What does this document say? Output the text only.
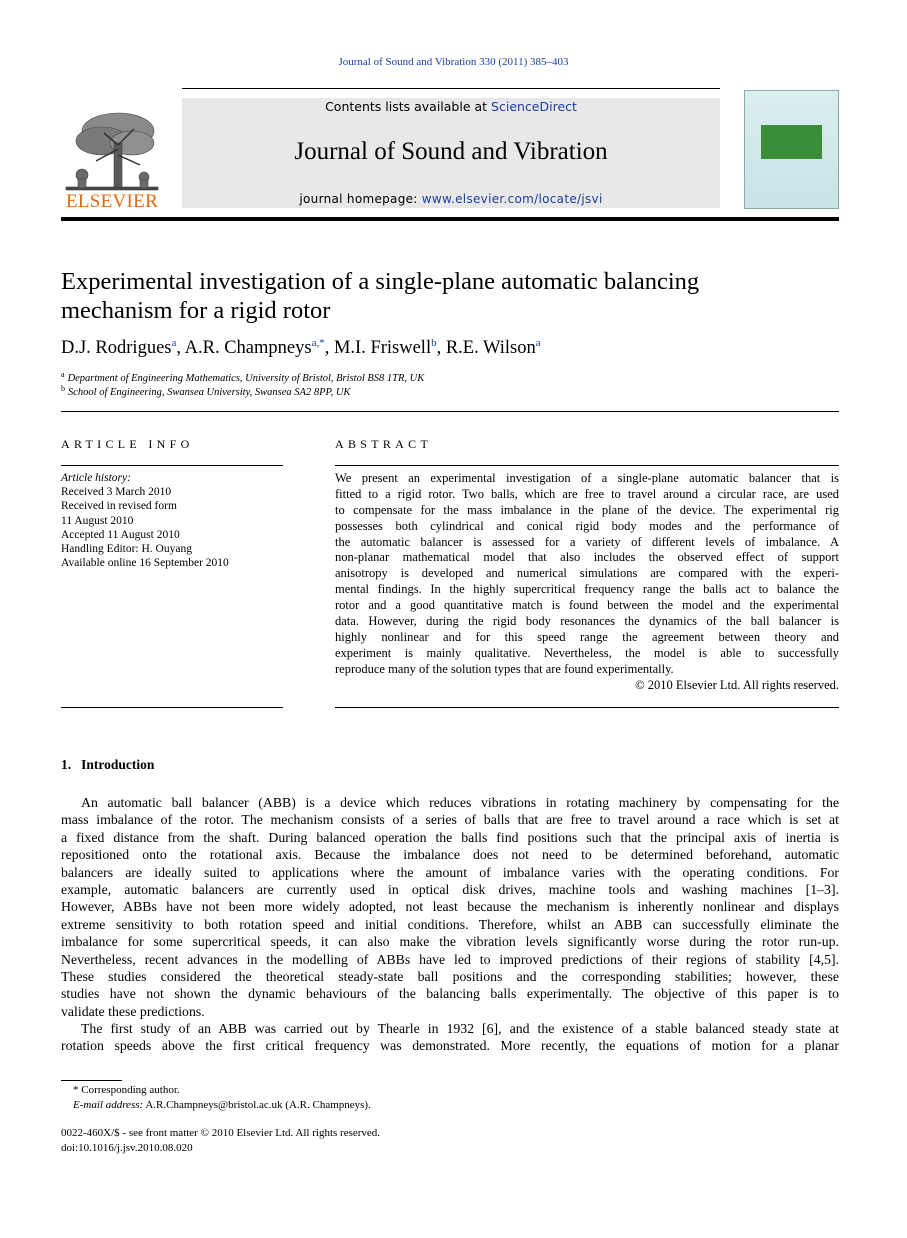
Journal of Sound and Vibration 330 (2011) 385–403
ELSEVIER
Contents lists available at ScienceDirect
Journal of Sound and Vibration
journal homepage: www.elsevier.com/locate/jsvi
Experimental investigation of a single-plane automatic balancing
mechanism for a rigid rotor
D.J. Rodrigues$^a$, A.R. Champneys$^{a,*}$, M.I. Friswell$^b$, R.E. Wilson$^a$
$^a$ Department of Engineering Mathematics, University of Bristol, Bristol BS8 1TR, UK
$^b$ School of Engineering, Swansea University, Swansea SA2 8PP, UK
ARTICLE INFO	ABSTRACT
Article history:
Received 3 March 2010
Received in revised form
11 August 2010
Accepted 11 August 2010
Handling Editor: H. Ouyang
Available online 16 September 2010
We present an experimental investigation of a single-plane automatic balancer that is
fitted to a rigid rotor. Two balls, which are free to travel around a circular race, are used
to compensate for the mass imbalance in the plane of the device. The experimental rig
possesses both cylindrical and conical rigid body modes and the performance of
the automatic balancer is assessed for a variety of different levels of imbalance. A
non-planar mathematical model that also includes the observed effect of support
anisotropy is developed and numerical simulations are compared with the experi-
mental findings. In the highly supercritical frequency range the balls act to balance the
rotor and a good quantitative match is found between the model and the experimental
data. However, during the rigid body resonances the dynamics of the ball balancer is
highly nonlinear and for this speed range the agreement between theory and
experiment is mainly qualitative. Nevertheless, the model is able to successfully
reproduce many of the solution types that are found experimentally.
© 2010 Elsevier Ltd. All rights reserved.
1. Introduction
An automatic ball balancer (ABB) is a device which reduces vibrations in rotating machinery by compensating for the
mass imbalance of the rotor. The mechanism consists of a series of balls that are free to travel around a race which is set at
a fixed distance from the shaft. During balanced operation the balls find positions such that the principal axis of inertia is
repositioned onto the rotational axis. Because the imbalance does not need to be determined beforehand, automatic
balancers are ideally suited to applications where the amount of imbalance varies with the operating conditions. For
example, automatic balancers are currently used in optical disk drives, machine tools and washing machines [1–3].
However, ABBs have not been more widely adopted, not least because the mechanism is inherently nonlinear and displays
extreme sensitivity to both rotation speed and initial conditions. Therefore, whilst an ABB can successfully eliminate the
imbalance for some supercritical speeds, it can also make the vibration levels significantly worse during the rotor run-up.
Nevertheless, recent advances in the modelling of ABBs have led to improved predictions of their regions of stability [4,5].
These studies considered the theoretical steady-state ball positions and the corresponding stabilities; however, these
studies have not shown the dynamic behaviours of the balancing balls experimentally. The objective of this paper is to
validate these predictions.
The first study of an ABB was carried out by Thearle in 1932 [6], and the existence of a stable balanced steady state at
rotation speeds above the first critical frequency was demonstrated. More recently, the equations of motion for a planar
* Corresponding author.
E-mail address: A.R.Champneys@bristol.ac.uk (A.R. Champneys).
0022-460X/$ - see front matter © 2010 Elsevier Ltd. All rights reserved.
doi:10.1016/j.jsv.2010.08.020
